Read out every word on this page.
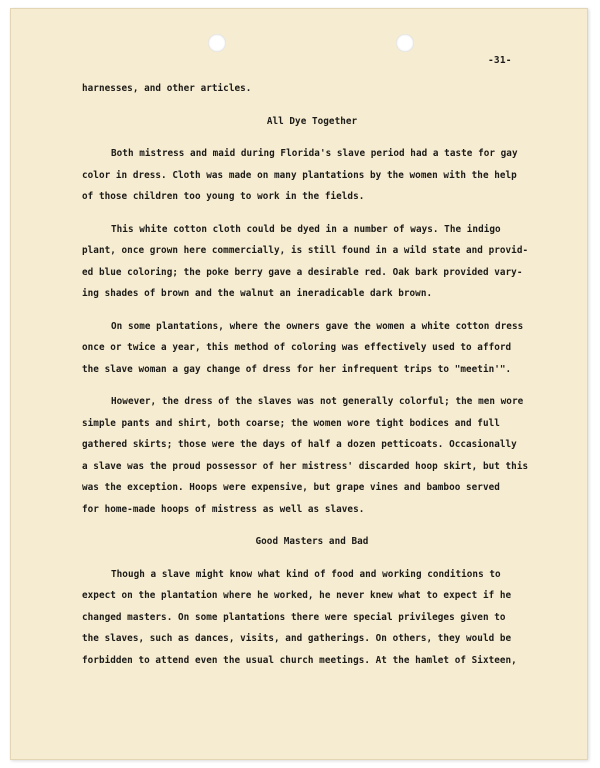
-31-
harnesses, and other articles.
All Dye Together

Both mistress and maid during Florida's slave period had a taste for gay
color in dress. Cloth was made on many plantations by the women with the help
of those children too young to work in the fields.

This white cotton cloth could be dyed in a number of ways. The indigo
plant, once grown here commercially, is still found in a wild state and provid-
ed blue coloring; the poke berry gave a desirable red. Oak bark provided vary-
ing shades of brown and the walnut an ineradicable dark brown.

On some plantations, where the owners gave the women a white cotton dress
once or twice a year, this method of coloring was effectively used to afford
the slave woman a gay change of dress for her infrequent trips to "meetin'".

However, the dress of the slaves was not generally colorful; the men wore
simple pants and shirt, both coarse; the women wore tight bodices and full
gathered skirts; those were the days of half a dozen petticoats. Occasionally
a slave was the proud possessor of her mistress' discarded hoop skirt, but this
was the exception. Hoops were expensive, but grape vines and bamboo served
for home-made hoops of mistress as well as slaves.

Good Masters and Bad

Though a slave might know what kind of food and working conditions to
expect on the plantation where he worked, he never knew what to expect if he
changed masters. On some plantations there were special privileges given to
the slaves, such as dances, visits, and gatherings. On others, they would be
forbidden to attend even the usual church meetings. At the hamlet of Sixteen,
